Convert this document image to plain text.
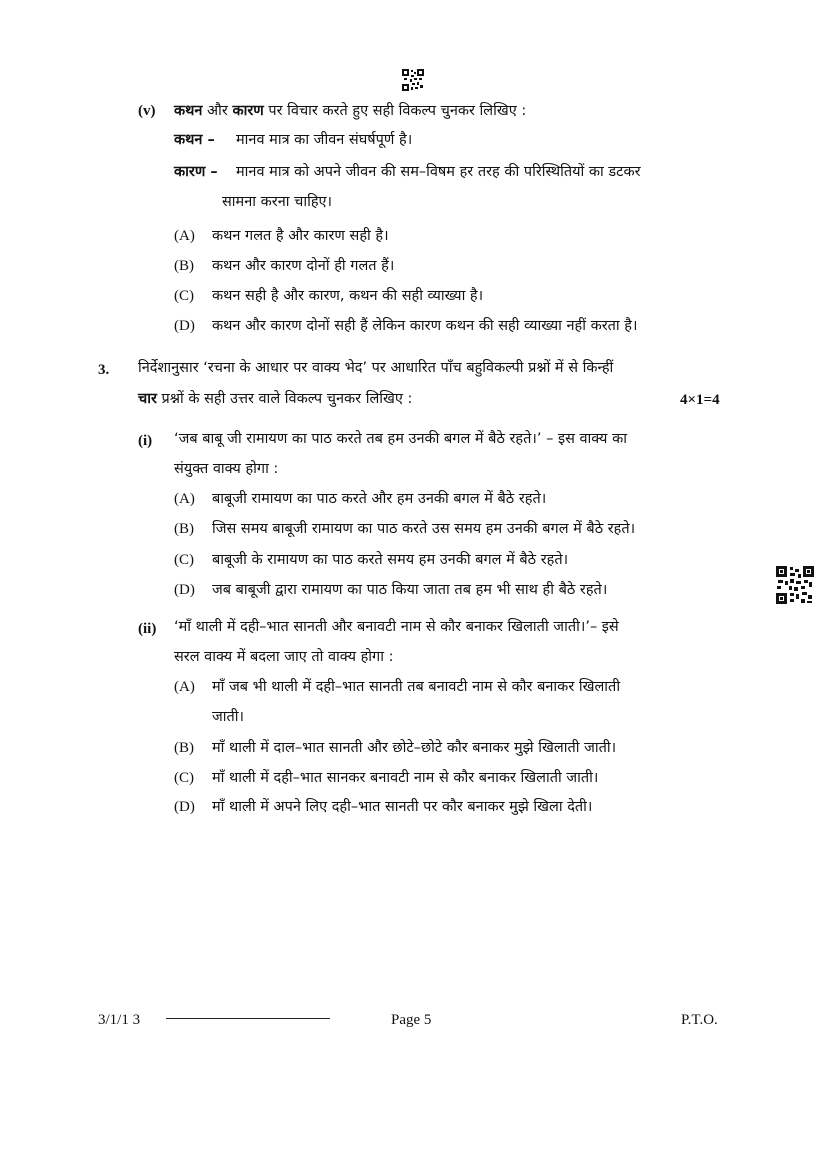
(v) कथन और कारण पर विचार करते हुए सही विकल्प चुनकर लिखिए :
कथन – मानव मात्र का जीवन संघर्षपूर्ण है।
कारण – मानव मात्र को अपने जीवन की सम–विषम हर तरह की परिस्थितियों का डटकर
सामना करना चाहिए।
(A) कथन गलत है और कारण सही है।
(B) कथन और कारण दोनों ही गलत हैं।
(C) कथन सही है और कारण, कथन की सही व्याख्या है।
(D) कथन और कारण दोनों सही हैं लेकिन कारण कथन की सही व्याख्या नहीं करता है।
3. निर्देशानुसार ‘रचना के आधार पर वाक्य भेद’ पर आधारित पाँच बहुविकल्पी प्रश्नों में से किन्हीं
चार प्रश्नों के सही उत्तर वाले विकल्प चुनकर लिखिए :	4×1=4
(i) ‘जब बाबू जी रामायण का पाठ करते तब हम उनकी बगल में बैठे रहते।’ – इस वाक्य का
संयुक्त वाक्य होगा :
(A) बाबूजी रामायण का पाठ करते और हम उनकी बगल में बैठे रहते।
(B) जिस समय बाबूजी रामायण का पाठ करते उस समय हम उनकी बगल में बैठे रहते।
(C) बाबूजी के रामायण का पाठ करते समय हम उनकी बगल में बैठे रहते।
(D) जब बाबूजी द्वारा रामायण का पाठ किया जाता तब हम भी साथ ही बैठे रहते।
(ii) ‘माँ थाली में दही–भात सानती और बनावटी नाम से कौर बनाकर खिलाती जाती।’– इसे
सरल वाक्य में बदला जाए तो वाक्य होगा :
(A) माँ जब भी थाली में दही–भात सानती तब बनावटी नाम से कौर बनाकर खिलाती
जाती।
(B) माँ थाली में दाल–भात सानती और छोटे–छोटे कौर बनाकर मुझे खिलाती जाती।
(C) माँ थाली में दही–भात सानकर बनावटी नाम से कौर बनाकर खिलाती जाती।
(D) माँ थाली में अपने लिए दही–भात सानती पर कौर बनाकर मुझे खिला देती।
3/1/1 3	Page 5	P.T.O.
